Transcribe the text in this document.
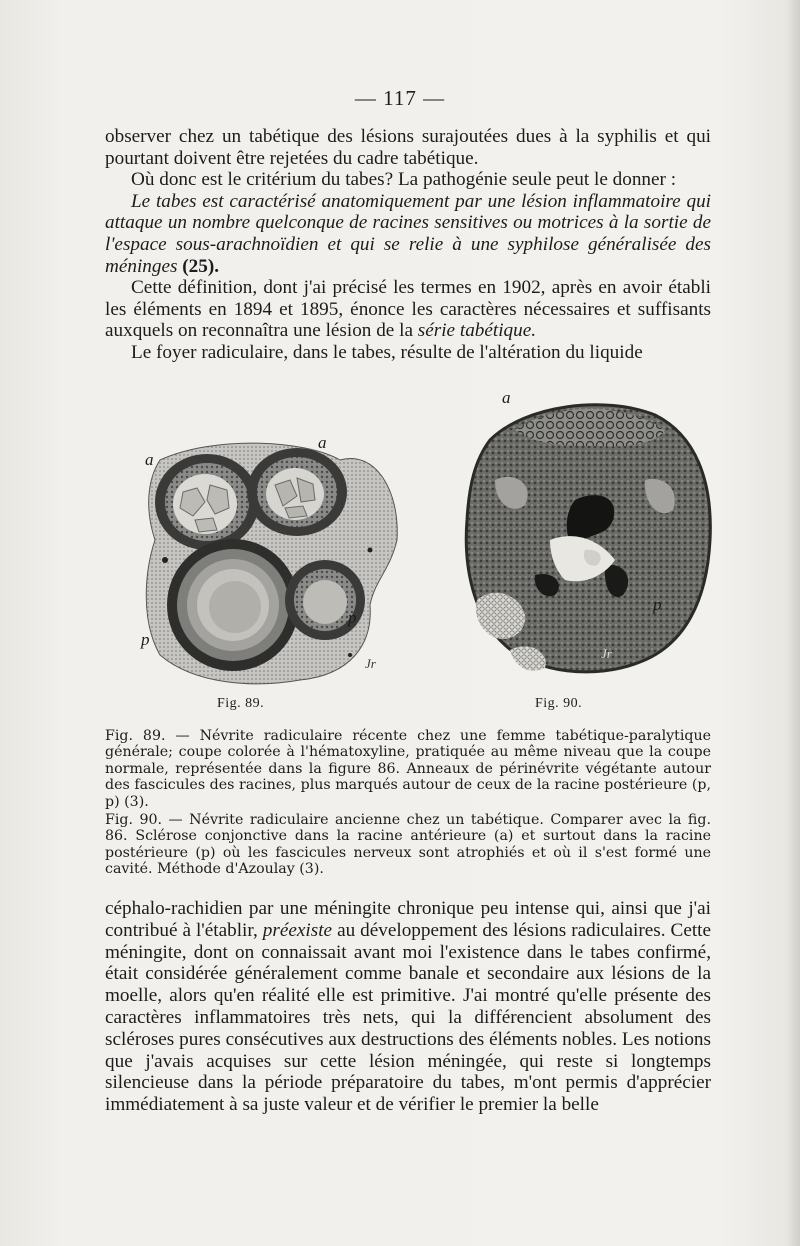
— 117 —

observer chez un tabétique des lésions surajoutées dues à la syphilis et qui pourtant doivent être rejetées du cadre tabétique.

Où donc est le critérium du tabes? La pathogénie seule peut le donner :

Le tabes est caractérisé anatomiquement par une lésion inflammatoire qui attaque un nombre quelconque de racines sensitives ou motrices à la sortie de l'espace sous-arachnoïdien et qui se relie à une syphilose généralisée des méninges (25).

Cette définition, dont j'ai précisé les termes en 1902, après en avoir établi les éléments en 1894 et 1895, énonce les caractères nécessaires et suffisants auxquels on reconnaîtra une lésion de la série tabétique.

Le foyer radiculaire, dans le tabes, résulte de l'altération du liquide

Jr
a
a
p
p
Fig. 89.
Jr
a
p
Fig. 90.

Fig. 89. — Névrite radiculaire récente chez une femme tabétique-paralytique générale; coupe colorée à l'hématoxyline, pratiquée au même niveau que la coupe normale, représentée dans la figure 86. Anneaux de périnévrite végétante autour des fascicules des racines, plus marqués autour de ceux de la racine postérieure (p, p) (3).

Fig. 90. — Névrite radiculaire ancienne chez un tabétique. Comparer avec la fig. 86. Sclérose conjonctive dans la racine antérieure (a) et surtout dans la racine postérieure (p) où les fascicules nerveux sont atrophiés et où il s'est formé une cavité. Méthode d'Azoulay (3).

céphalo-rachidien par une méningite chronique peu intense qui, ainsi que j'ai contribué à l'établir, préexiste au développement des lésions radiculaires. Cette méningite, dont on connaissait avant moi l'existence dans le tabes confirmé, était considérée généralement comme banale et secondaire aux lésions de la moelle, alors qu'en réalité elle est primitive. J'ai montré qu'elle présente des caractères inflammatoires très nets, qui la différencient absolument des scléroses pures consécutives aux destructions des éléments nobles. Les notions que j'avais acquises sur cette lésion méningée, qui reste si longtemps silencieuse dans la période préparatoire du tabes, m'ont permis d'apprécier immédiatement à sa juste valeur et de vérifier le premier la belle
